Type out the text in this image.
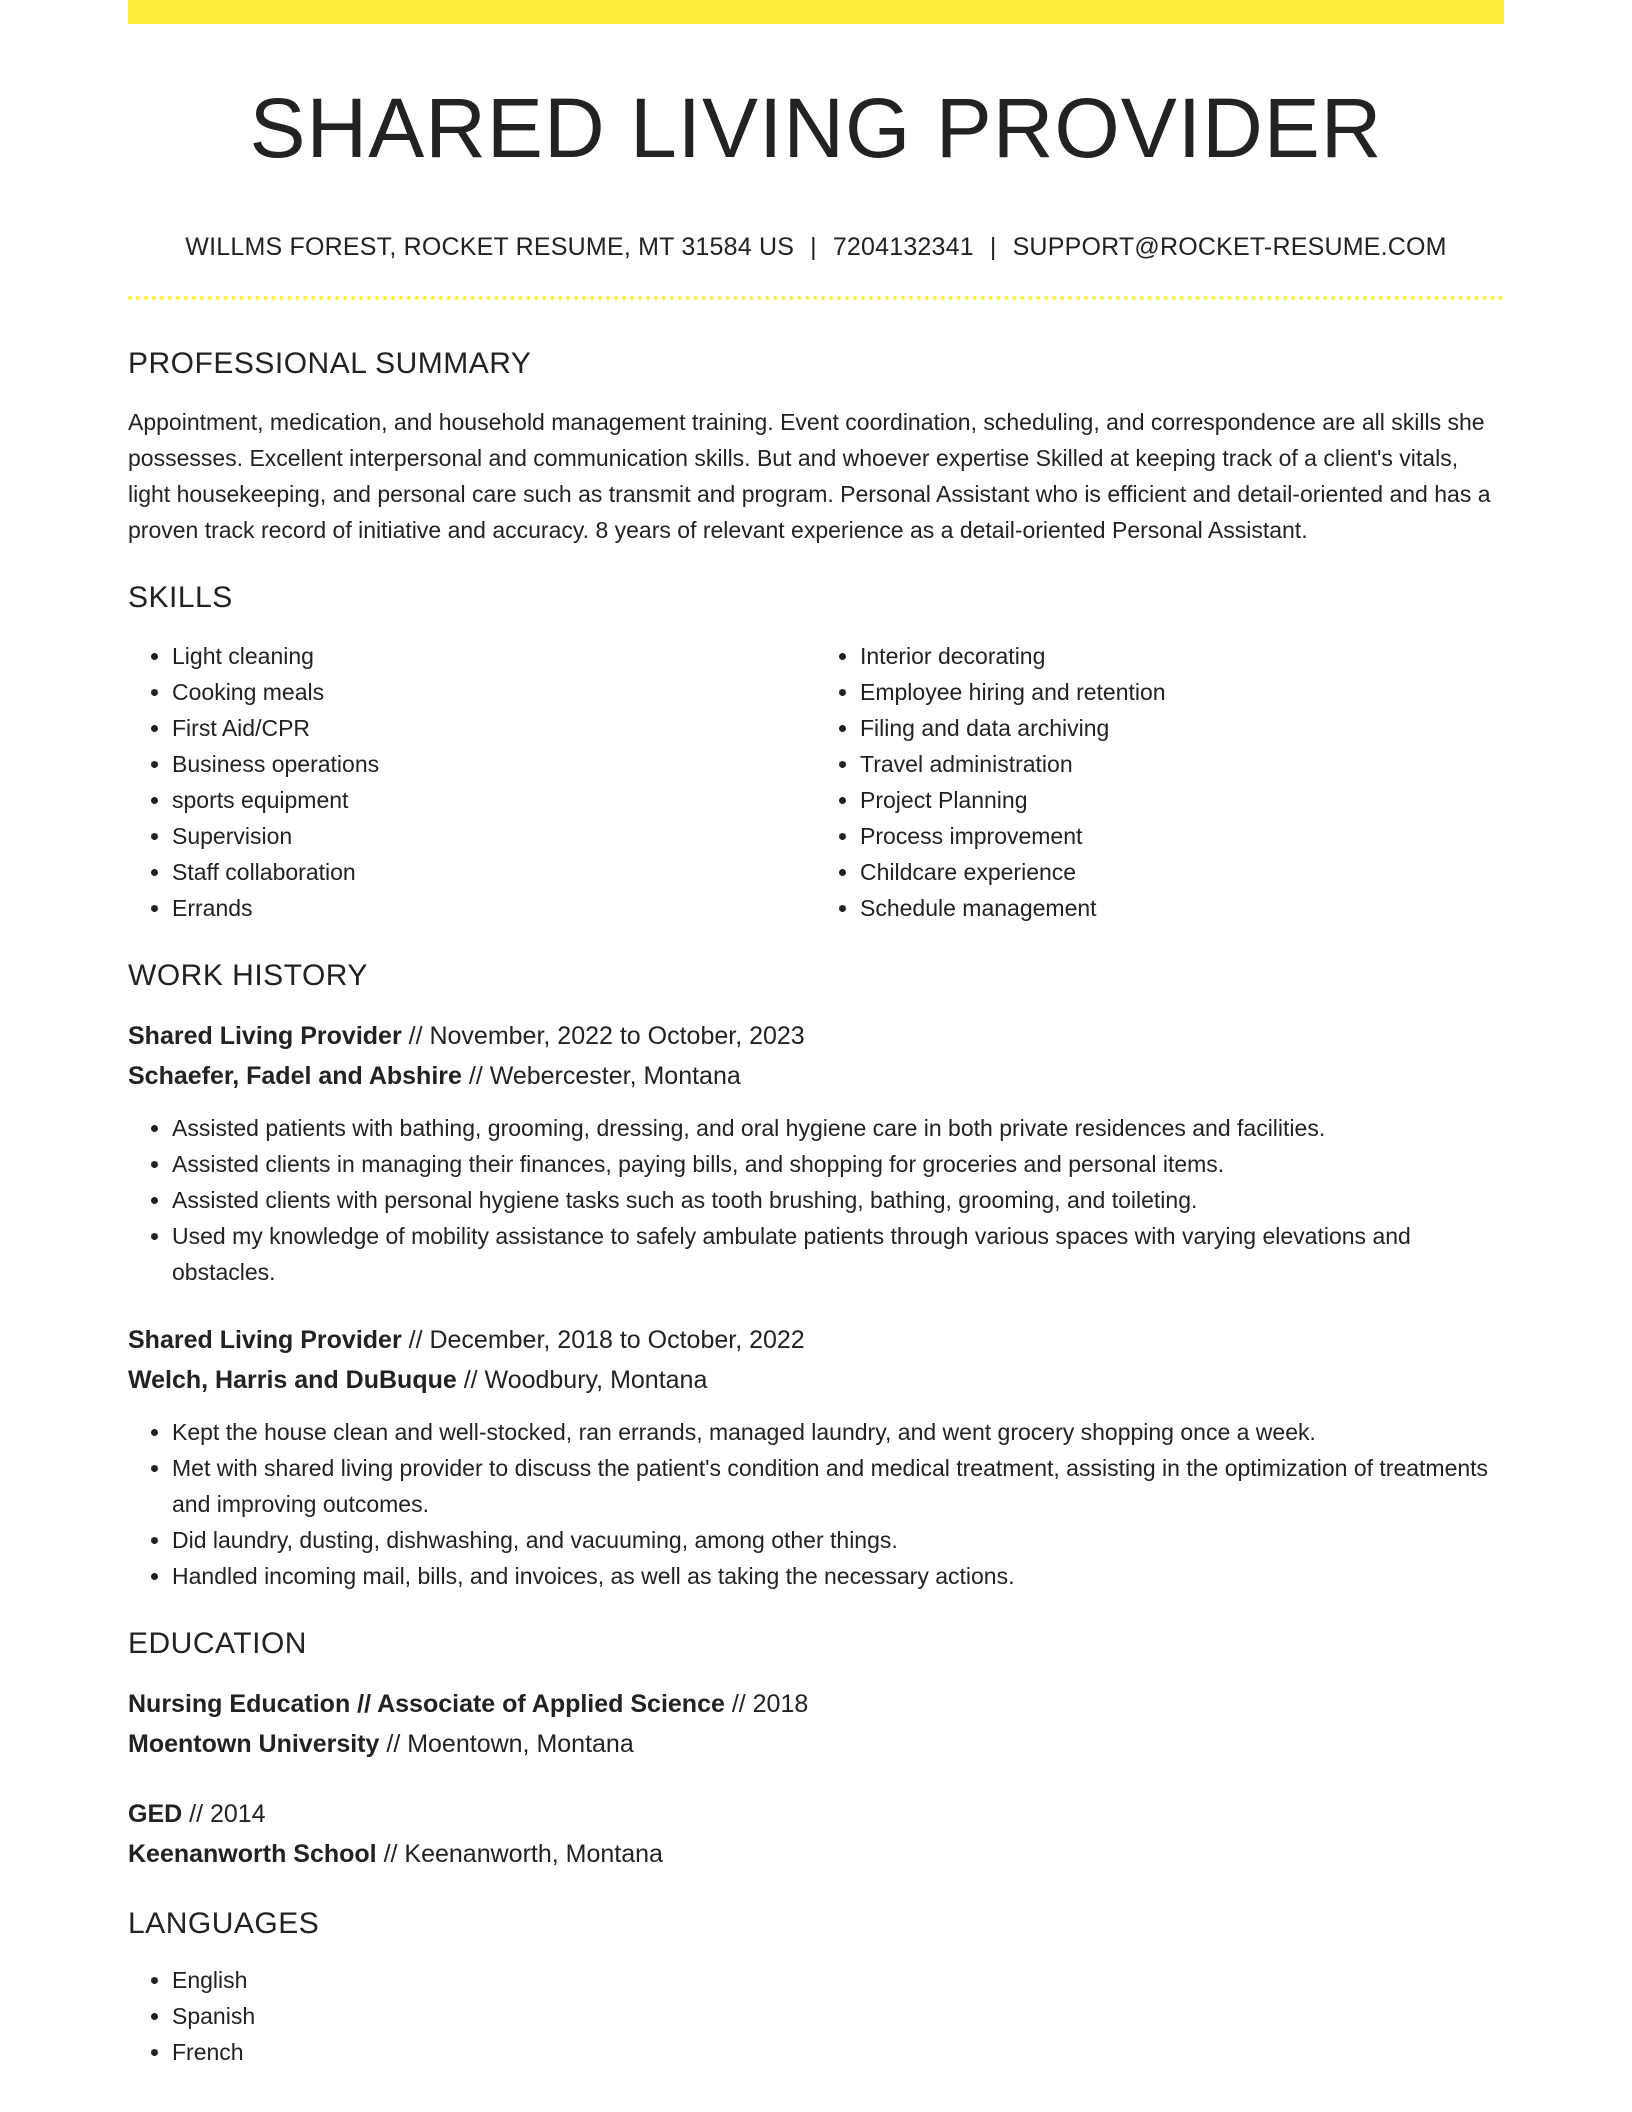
SHARED LIVING PROVIDER
WILLMS FOREST, ROCKET RESUME, MT 31584 US | 7204132341 | SUPPORT@ROCKET-RESUME.COM
PROFESSIONAL SUMMARY

Appointment, medication, and household management training. Event coordination, scheduling, and correspondence are all skills she possesses. Excellent interpersonal and communication skills. But and whoever expertise Skilled at keeping track of a client's vitals, light housekeeping, and personal care such as transmit and program. Personal Assistant who is efficient and detail-oriented and has a proven track record of initiative and accuracy. 8 years of relevant experience as a detail-oriented Personal Assistant.

SKILLS
• Light cleaning
• Cooking meals
• First Aid/CPR
• Business operations
• sports equipment
• Supervision
• Staff collaboration
• Errands
• Interior decorating
• Employee hiring and retention
• Filing and data archiving
• Travel administration
• Project Planning
• Process improvement
• Childcare experience
• Schedule management
WORK HISTORY
Shared Living Provider // November, 2022 to October, 2023
Schaefer, Fadel and Abshire // Webercester, Montana
• Assisted patients with bathing, grooming, dressing, and oral hygiene care in both private residences and facilities.
• Assisted clients in managing their finances, paying bills, and shopping for groceries and personal items.
• Assisted clients with personal hygiene tasks such as tooth brushing, bathing, grooming, and toileting.
• Used my knowledge of mobility assistance to safely ambulate patients through various spaces with varying elevations and obstacles.
Shared Living Provider // December, 2018 to October, 2022
Welch, Harris and DuBuque // Woodbury, Montana
• Kept the house clean and well-stocked, ran errands, managed laundry, and went grocery shopping once a week.
• Met with shared living provider to discuss the patient's condition and medical treatment, assisting in the optimization of treatments and improving outcomes.
• Did laundry, dusting, dishwashing, and vacuuming, among other things.
• Handled incoming mail, bills, and invoices, as well as taking the necessary actions.
EDUCATION
Nursing Education // Associate of Applied Science // 2018
Moentown University // Moentown, Montana
GED // 2014
Keenanworth School // Keenanworth, Montana
LANGUAGES
• English
• Spanish
• French
